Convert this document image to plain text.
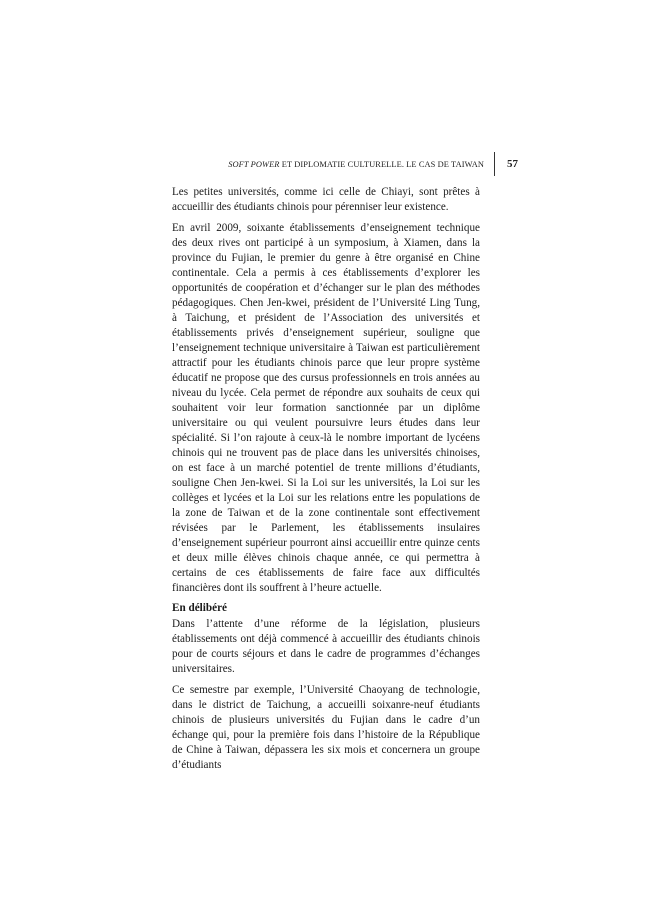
SOFT POWER ET DIPLOMATIE CULTURELLE. LE CAS DE TAIWAN	57

Les petites universités, comme ici celle de Chiayi, sont prêtes à accueillir des étudiants chinois pour pérenniser leur existence.

En avril 2009, soixante établissements d’enseignement technique des deux rives ont participé à un symposium, à Xiamen, dans la province du Fujian, le premier du genre à être organisé en Chine continentale. Cela a permis à ces établissements d’explorer les opportunités de coopération et d’échanger sur le plan des méthodes pédagogiques. Chen Jen-kwei, président de l’Université Ling Tung, à Taichung, et président de l’Association des universités et établissements privés d’enseignement supérieur, souligne que l’enseignement technique universitaire à Taiwan est particulièrement attractif pour les étudiants chinois parce que leur propre système éducatif ne propose que des cursus professionnels en trois années au niveau du lycée. Cela permet de répondre aux souhaits de ceux qui souhaitent voir leur formation sanctionnée par un diplôme universitaire ou qui veulent poursuivre leurs études dans leur spécialité. Si l’on rajoute à ceux-là le nombre important de lycéens chinois qui ne trouvent pas de place dans les universités chinoises, on est face à un marché potentiel de trente millions d’étudiants, souligne Chen Jen-kwei. Si la Loi sur les universités, la Loi sur les collèges et lycées et la Loi sur les relations entre les populations de la zone de Taiwan et de la zone continentale sont effectivement révisées par le Parlement, les établissements insulaires d’enseignement supérieur pourront ainsi accueillir entre quinze cents et deux mille élèves chinois chaque année, ce qui permettra à certains de ces établissements de faire face aux difficultés financières dont ils souffrent à l’heure actuelle.

En délibéré

Dans l’attente d’une réforme de la législation, plusieurs établissements ont déjà commencé à accueillir des étudiants chinois pour de courts séjours et dans le cadre de programmes d’échanges universitaires.

Ce semestre par exemple, l’Université Chaoyang de technologie, dans le district de Taichung, a accueilli soixanre-neuf étudiants chinois de plusieurs universités du Fujian dans le cadre d’un échange qui, pour la première fois dans l’histoire de la République de Chine à Taiwan, dépassera les six mois et concernera un groupe d’étudiants
